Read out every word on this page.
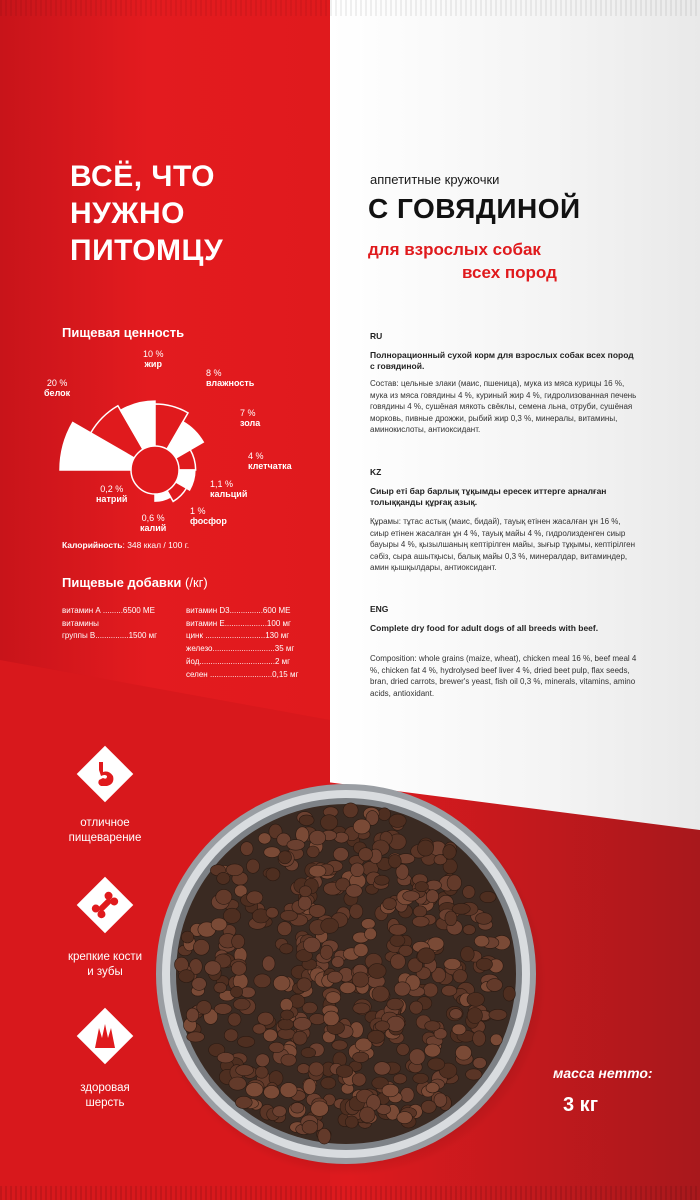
ВСЁ, ЧТО
НУЖНО
ПИТОМЦУ
Пищевая ценность
20 %
белок
10 %
жир
8 %
влажность
7 %
зола
4 %
клетчатка
1,1 %
кальций
1 %
фосфор
0,6 %
калий
0,2 %
натрий
Калорийность: 348 ккал / 100 г.
Пищевые добавки (/кг)
витамин А .........6500 МЕ
витамины
группы В...............1500 мг
витамин D3...............600 МЕ
витамин Е...................100 мг
цинк ...........................130 мг
железо............................35 мг
йод..................................2 мг
селен ............................0,15 мг
отличное
пищеварение
крепкие кости
и зубы
здоровая
шерсть
аппетитные кружочки
С ГОВЯДИНОЙ
для взрослых собак
всех пород
RU
Полнорационный сухой корм для взрослых собак всех пород с говядиной.
Состав: цельные злаки (маис, пшеница), мука из мяса курицы 16 %, мука из мяса говядины 4 %, куриный жир 4 %, гидролизованная печень говядины 4 %, сушёная мякоть свёклы, семена льна, отруби, сушёная морковь, пивные дрожжи, рыбий жир 0,3 %, минералы, витамины, аминокислоты, антиоксидант.
KZ
Сиыр еті бар барлық тұқымды ересек иттерге арналған толыққанды құрғақ азық.
Құрамы: тұтас астық (маис, бидай), тауық етінен жасалған ұн 16 %, сиыр етінен жасалған ұн 4 %, тауық майы 4 %, гидролизденген сиыр бауыры 4 %, қызылшаның кептірілген майы, зығыр тұқымы, кептірілген сәбіз, сыра ашытқысы, балық майы 0,3 %, минералдар, витаминдер, амин қышқылдары, антиоксидант.
ENG
Complete dry food for adult dogs of all breeds with beef.
Composition: whole grains (maize, wheat), chicken meal 16 %, beef meal 4 %, chicken fat 4 %, hydrolysed beef liver 4 %, dried beet pulp, flax seeds, bran, dried carrots, brewer's yeast, fish oil 0,3 %, minerals, vitamins, amino acids, antioxidant.
масса нетто:
3 кг
